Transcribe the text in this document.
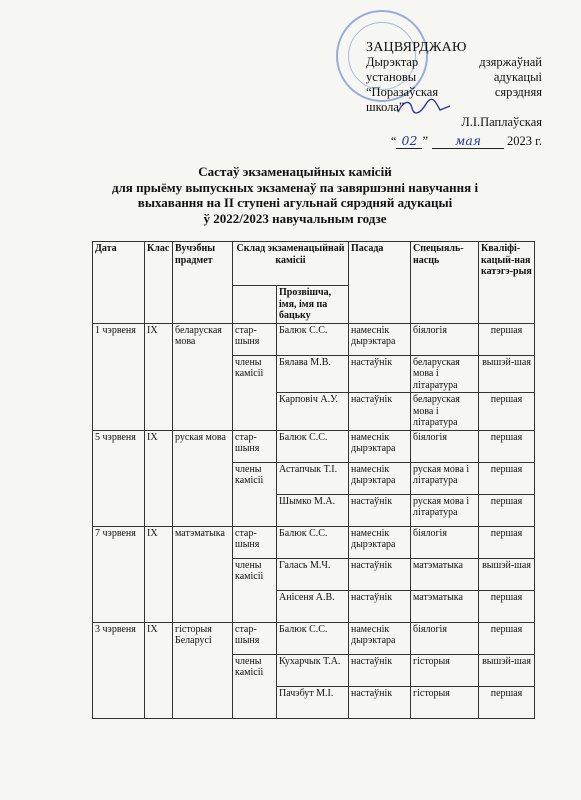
ЗАЦВЯРДЖАЮ
Дырэктар	дзяржаўнай
установы	адукацыі
“Поразаўская	сярэдняя
школа”
Л.І.Паплаўская
“ 02 ”	мая	2023 г.
Састаў экзаменацыйных камісій
для прыёму выпускных экзаменаў па завяршэнні навучання і
выхавання на ІІ ступені агульнай сярэдняй адукацыі
ў 2022/2023 навучальным годзе
Дата	Клас	Вучэбны прадмет	Склад экзаменацыйнай камісіі		Пасада	Спецыяль-насць	Кваліфі-кацый-ная катэгэ-рыя
				Прозвішча, імя, імя па бацьку			
1 чэрвеня	ІХ	беларуская мова	стар-шыня	Балюк С.С.	намеснік дырэктара	біялогія	першая
			члены камісіі	Бялава М.В.	настаўнік	беларуская мова і літаратура	вышэй-шая
				Карповіч А.У.	настаўнік	беларуская мова і літаратура	першая
5 чэрвеня	ІХ	руская мова	стар-шыня	Балюк С.С.	намеснік дырэктара	біялогія	першая
			члены камісіі	Астапчык Т.І.	намеснік дырэктара	руская мова і літаратура	першая
				Шымко М.А.	настаўнік	руская мова і літаратура	першая
7 чэрвеня	ІХ	матэматыка	стар-шыня	Балюк С.С.	намеснік дырэктара	біялогія	першая
			члены камісіі	Галась М.Ч.	настаўнік	матэматыка	вышэй-шая
				Анісеня А.В.	настаўнік	матэматыка	першая
3 чэрвеня	ІХ	гісторыя Беларусі	стар-шыня	Балюк С.С.	намеснік дырэктара	біялогія	першая
			члены камісіі	Кухарчык Т.А.	настаўнік	гісторыя	вышэй-шая
				Пачэбут М.І.	настаўнік	гісторыя	першая
